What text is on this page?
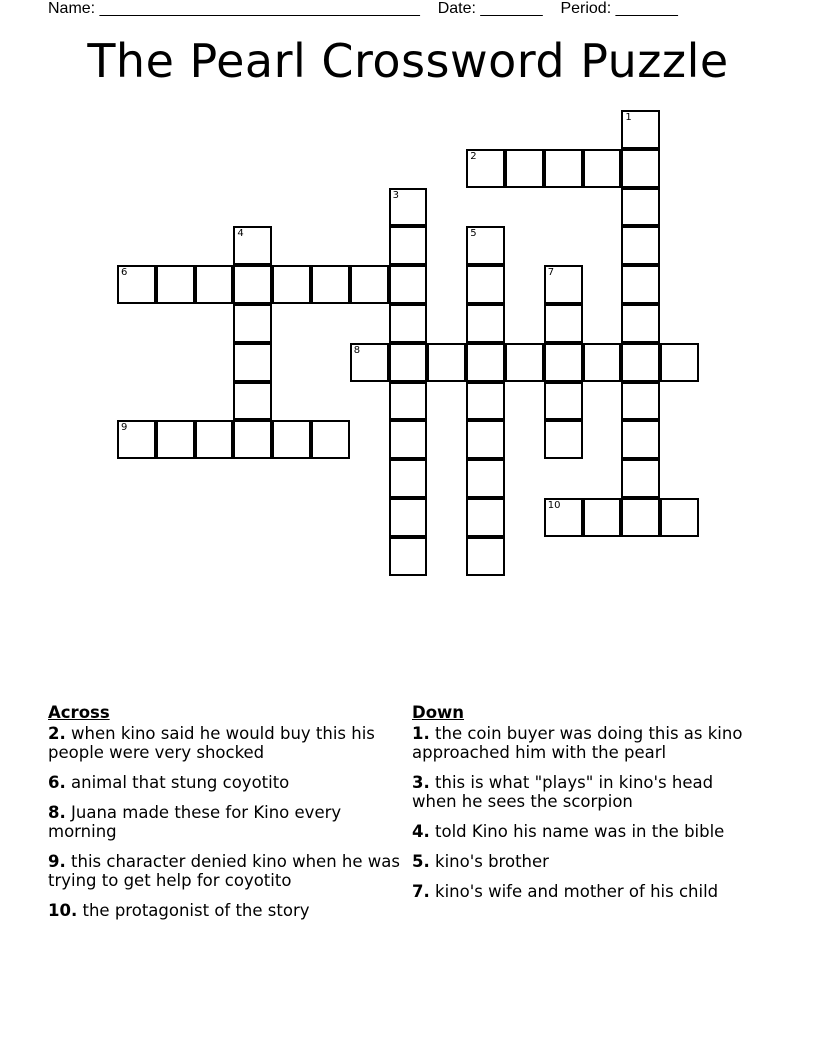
Name: ____________________________________    Date: _______    Period: _______
The Pearl Crossword Puzzle
1
2
3
4	5
6	7
8
9
10
Across
2. when kino said he would buy this his people were very shocked
6. animal that stung coyotito
8. Juana made these for Kino every morning
9. this character denied kino when he was trying to get help for coyotito
10. the protagonist of the story
Down
1. the coin buyer was doing this as kino approached him with the pearl
3. this is what "plays" in kino's head when he sees the scorpion
4. told Kino his name was in the bible
5. kino's brother
7. kino's wife and mother of his child
